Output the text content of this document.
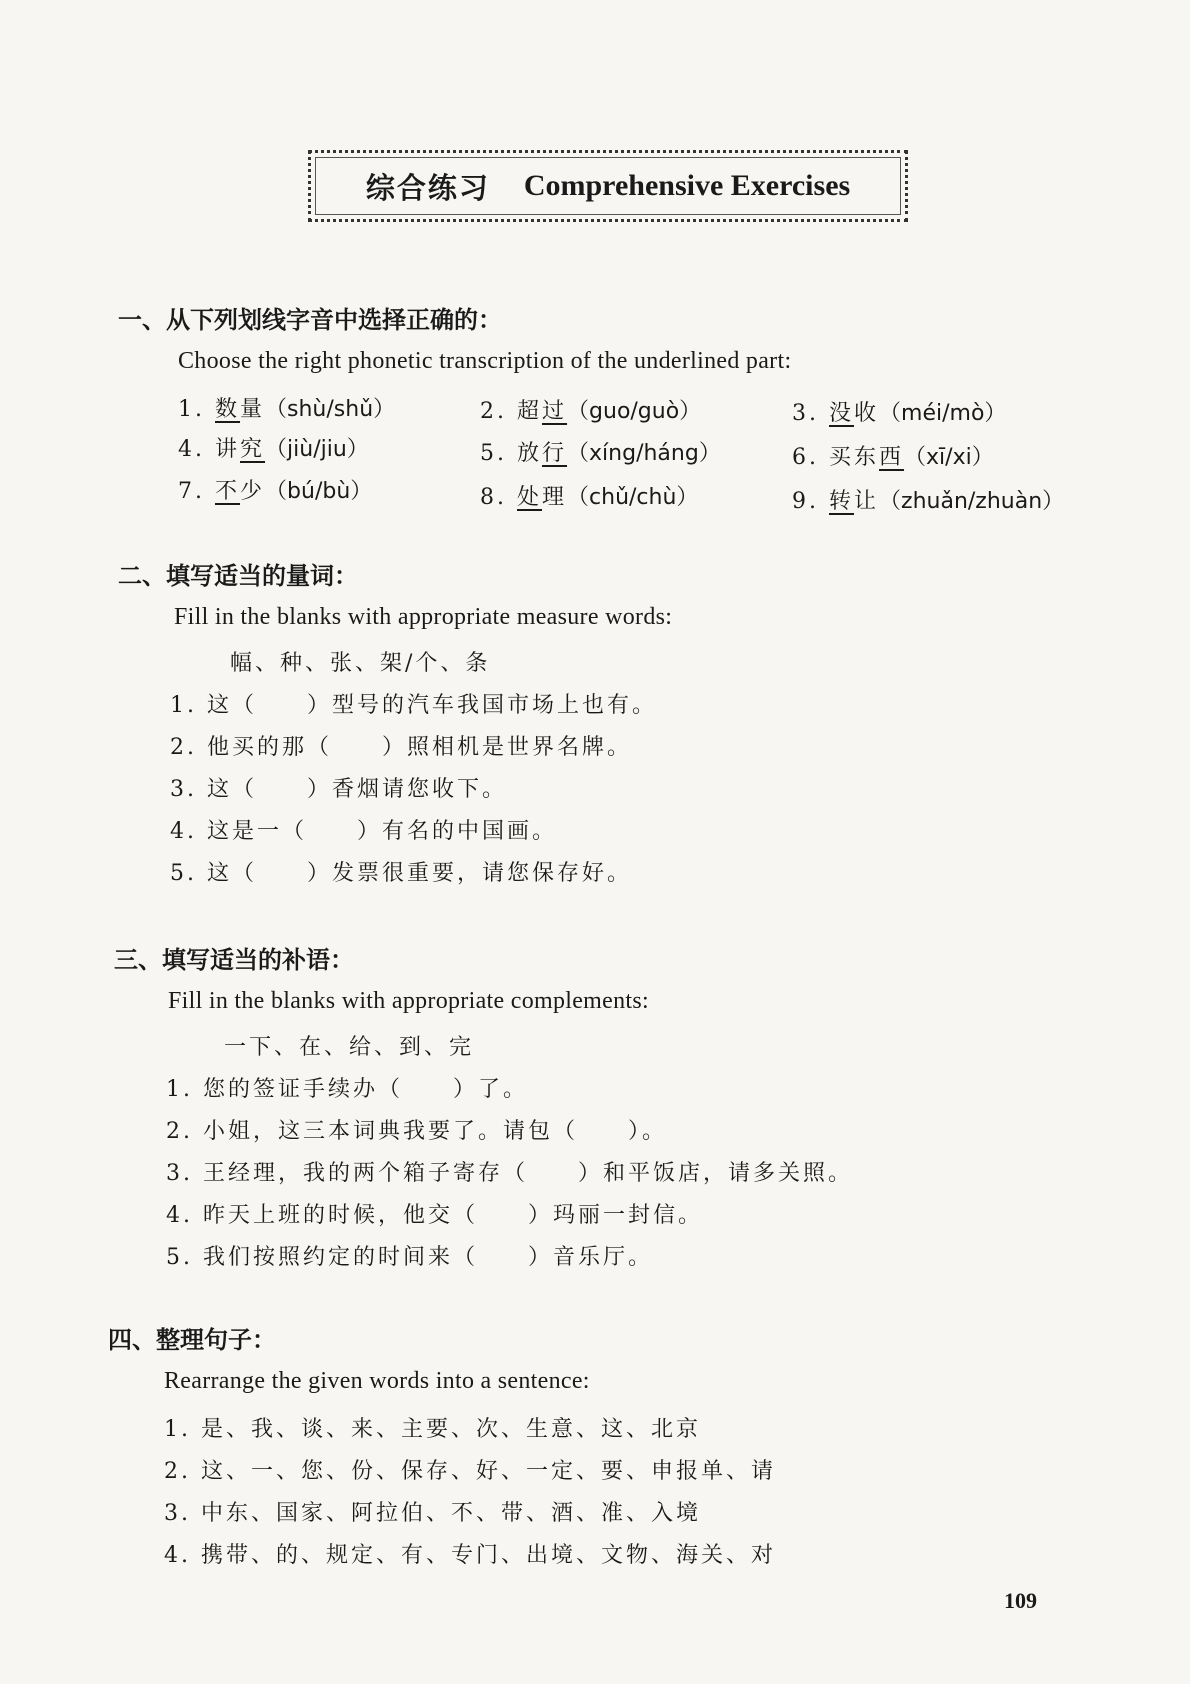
综合练习 Comprehensive Exercises
一、从下列划线字音中选择正确的：
Choose the right phonetic transcription of the underlined part:
1. 数量（shù/shǔ）	2. 超过（guo/guò）	3. 没收（méi/mò）
4. 讲究（jiù/jiu）	5. 放行（xíng/háng）	6. 买东西（xī/xi）
7. 不少（bú/bù）	8. 处理（chǔ/chù）	9. 转让（zhuǎn/zhuàn）
二、填写适当的量词：
Fill in the blanks with appropriate measure words:
幅、种、张、架/个、条
1. 这（　　）型号的汽车我国市场上也有。
2. 他买的那（　　）照相机是世界名牌。
3. 这（　　）香烟请您收下。
4. 这是一（　　）有名的中国画。
5. 这（　　）发票很重要，请您保存好。
三、填写适当的补语：
Fill in the blanks with appropriate complements:
一下、在、给、到、完
1. 您的签证手续办（　　）了。
2. 小姐，这三本词典我要了。请包（　　）。
3. 王经理，我的两个箱子寄存（　　）和平饭店，请多关照。
4. 昨天上班的时候，他交（　　）玛丽一封信。
5. 我们按照约定的时间来（　　）音乐厅。
四、整理句子：
Rearrange the given words into a sentence:
1. 是、我、谈、来、主要、次、生意、这、北京
2. 这、一、您、份、保存、好、一定、要、申报单、请
3. 中东、国家、阿拉伯、不、带、酒、准、入境
4. 携带、的、规定、有、专门、出境、文物、海关、对
109
